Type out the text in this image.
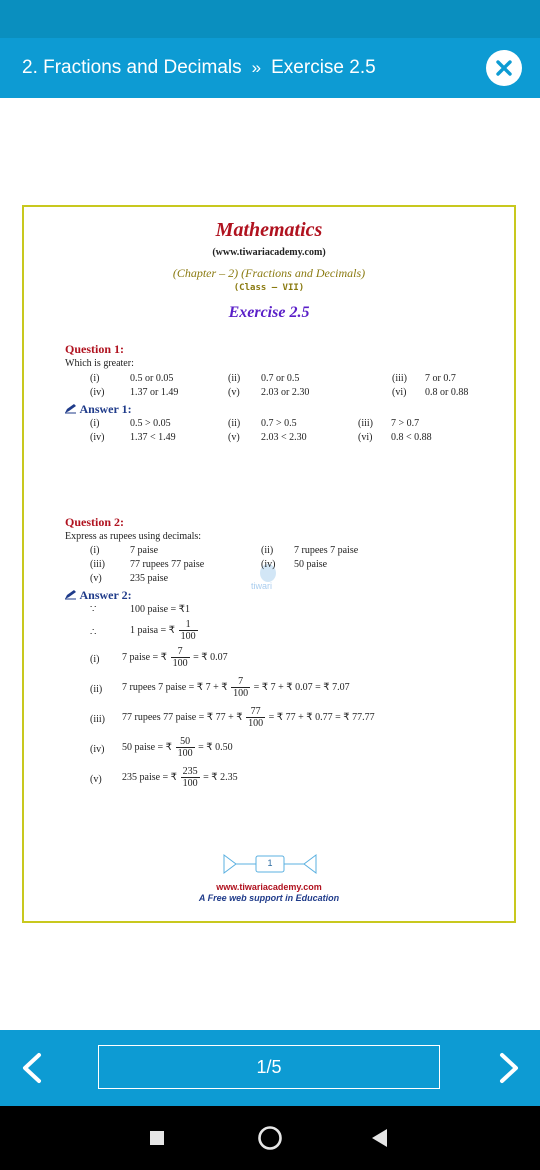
2. Fractions and Decimals » Exercise 2.5
Mathematics
(www.tiwariacademy.com)
(Chapter – 2) (Fractions and Decimals)
(Class – VII)
Exercise 2.5
Question 1:
Which is greater:
(i)	0.5 or 0.05	(ii) 0.7 or 0.5	(iii) 7 or 0.7
(iv)	1.37 or 1.49	(v) 2.03 or 2.30	(vi) 0.8 or 0.88
Answer 1:
(i)	0.5 > 0.05	(ii) 0.7 > 0.5	(iii) 7 > 0.7
(iv)	1.37 < 1.49	(v) 2.03 < 2.30	(vi) 0.8 < 0.88
tiwari
Question 2:
Express as rupees using decimals:
(i)	7 paise	(ii) 7 rupees 7 paise
(iii)	77 rupees 77 paise	(iv) 50 paise
(v)	235 paise
Answer 2:
∵	100 paise = ₹1
∴	1 paisa = ₹ $\frac{1}{100}$
(i) 7 paise = ₹ $\frac{7}{100}$ = ₹ 0.07
(ii) 7 rupees 7 paise = ₹ 7 + ₹ $\frac{7}{100}$ = ₹ 7 + ₹ 0.07 = ₹ 7.07
(iii) 77 rupees 77 paise = ₹ 77 + ₹ $\frac{77}{100}$ = ₹ 77 + ₹ 0.77 = ₹ 77.77
(iv) 50 paise = ₹ $\frac{50}{100}$ = ₹ 0.50
(v) 235 paise = ₹ $\frac{235}{100}$ = ₹ 2.35
1
www.tiwariacademy.com
A Free web support in Education
1/5
